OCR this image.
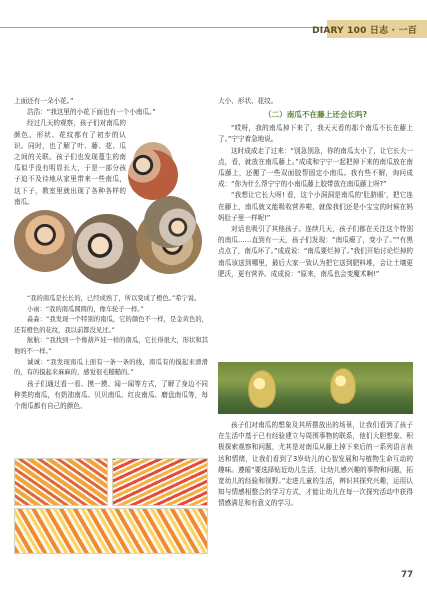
DIARY 100 日志 · 一百

上面还有一朵小花。”

浩浩：“我这里的小花下面也有一个小南瓜。”

经过几天的观察，孩子们对南瓜的颜色、形状、花纹都有了初步的认识。同时，也了解了叶、藤、花、瓜之间的关联。孩子们也发现蔓生的南瓜似乎没有明显长大，于是一部分孩子迫不及待地从家里带来一些南瓜，这下子，教室里就出现了各种各样的南瓜。

“我的南瓜是长长的，已经成熟了，所以变成了橙色。”希宁说。

小雨：“我的南瓜圆圆的，像车轮子一样。”

淼淼：“我发现一个特别的南瓜，它的颜色不一样，是金黄色的，还有橙色的花纹，我以前都没见过。”

航航：“我找到一个像葫芦娃一样的南瓜，它长得很大，形状和其他的不一样。”

诚诚：“我发现南瓜上面有一条一条的线，南瓜有的摸起来滑滑的，有的摸起来麻麻的，感觉很毛糙糙的。”

孩子们通过看一看、摸一摸、闻一闻等方式，了解了身边不同种类的南瓜，有奶油南瓜、贝贝南瓜、红皮南瓜、磨盘南瓜等，每个南瓜都有自己的颜色、

大小、形状、花纹。

（二）南瓜不在藤上还会长吗?

“哎呀，我的南瓜掉下来了，我天天看的那个南瓜不长在藤上了。”宁宁着急地说。

这时成成走了过来：“别急别急，你的南瓜太小了，让它长大一点，看，就放在南瓜藤上。”成成和宁宁一起把掉下来的南瓜放在南瓜藤上，还搬了一些双面胶帮固定小南瓜。我有些不解，询问成成：“你为什么帮宁宁的小南瓜藤上胶带放在南瓜藤上呀?”

“我想让它长大呀! 看，这个小洞洞是南瓜的‘肚脐眼’，把它连在藤上，南瓜就又能吸收营养啦，就像我们还是小宝宝的时候在妈妈肚子里一样呢!”

对话也吸引了其他孩子。连续几天，孩子们都在关注这个特别的南瓜……直到有一天，孩子们发现：“南瓜瘪了，变小了。”“有黑点点了，南瓜坏了。”成成说：“南瓜要烂掉了。”我们开始讨论烂掉的南瓜该送到哪里，最后大家一致认为把它送到肥料堆，会让土壤更肥沃，更有营养。成成说：“原来，南瓜也会变魔术啊!”

孩子们对南瓜的想象及其所摆放出的场景，让我们看到了孩子在生活中基于已有经验建立与周围事物的联系，他们大胆想象、积极探索观察和问题，尤其是对南瓜从藤上掉下来后的一系列语言表达和情绪，让我们看到了3岁幼儿的心智发展和与植物生命互动的趣味。遵循“要选择贴近幼儿生活，让幼儿感兴趣的事物和问题，拓宽幼儿的经验和视野。”走进儿童的生活，辨识其探究兴趣，运用认知与情感相整合的学习方式，才能让幼儿在每一次探究活动中获得情感满足和有意义的学习。

77
